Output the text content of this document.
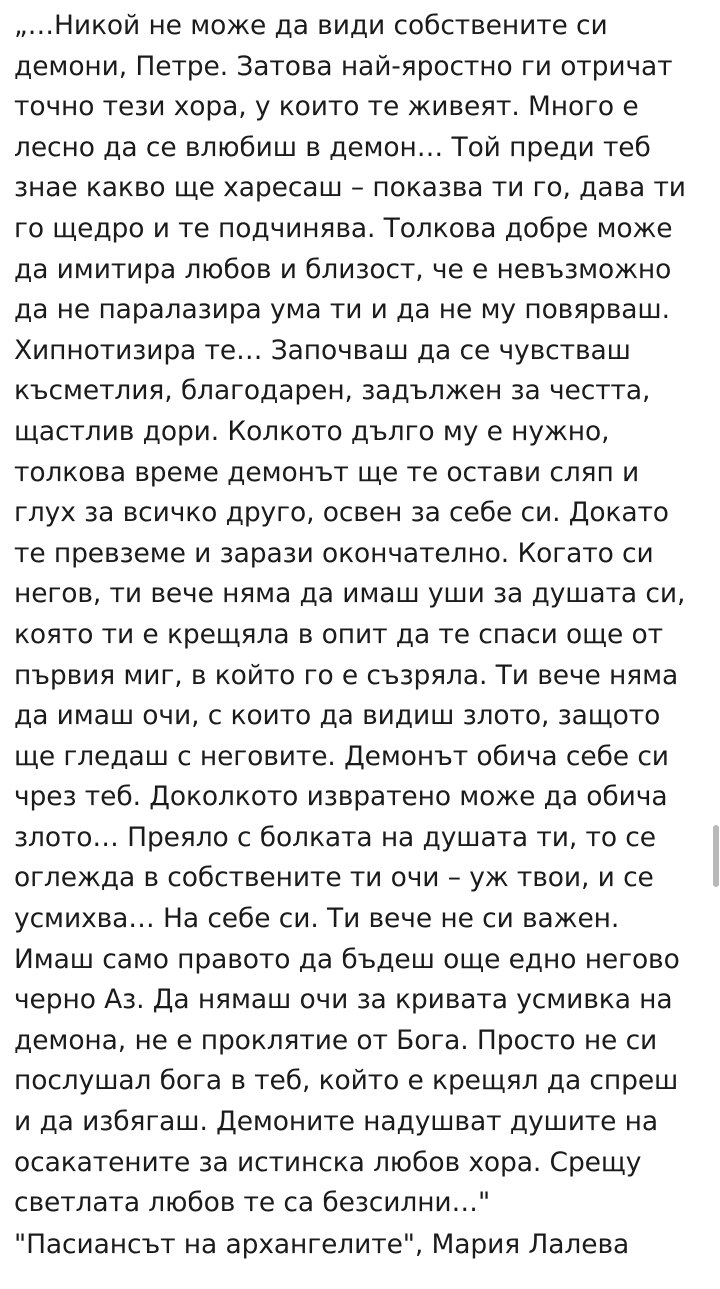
„…Никой не може да види собствените си демони, Петре. Затова най-яростно ги отричат точно тези хора, у които те живеят. Много е лесно да се влюбиш в демон… Той преди теб знае какво ще харесаш – показва ти го, дава ти го щедро и те подчинява. Толкова добре може да имитира любов и близост, че е невъзможно да не паралазира ума ти и да не му повярваш. Хипнотизира те… Започваш да се чувстваш късметлия, благодарен, задължен за честта, щастлив дори. Колкото дълго му е нужно, толкова време демонът ще те остави сляп и глух за всичко друго, освен за себе си. Докато те превземе и зарази окончателно. Когато си негов, ти вече няма да имаш уши за душата си, която ти е крещяла в опит да те спаси още от първия миг, в който го е съзряла. Ти вече няма да имаш очи, с които да видиш злото, защото ще гледаш с неговите. Демонът обича себе си чрез теб. Доколкото извратено може да обича злото… Преяло с болката на душата ти, то се оглежда в собствените ти очи – уж твои, и се усмихва… На себе си. Ти вече не си важен. Имаш само правото да бъдеш още едно негово черно Аз. Да нямаш очи за кривата усмивка на демона, не е проклятие от Бога. Просто не си послушал бога в теб, който е крещял да спреш и да избягаш. Демоните надушват душите на осакатените за истинска любов хора. Срещу светлата любов те са безсилни…"
"Пасиансът на архангелите", Мария Лалева
